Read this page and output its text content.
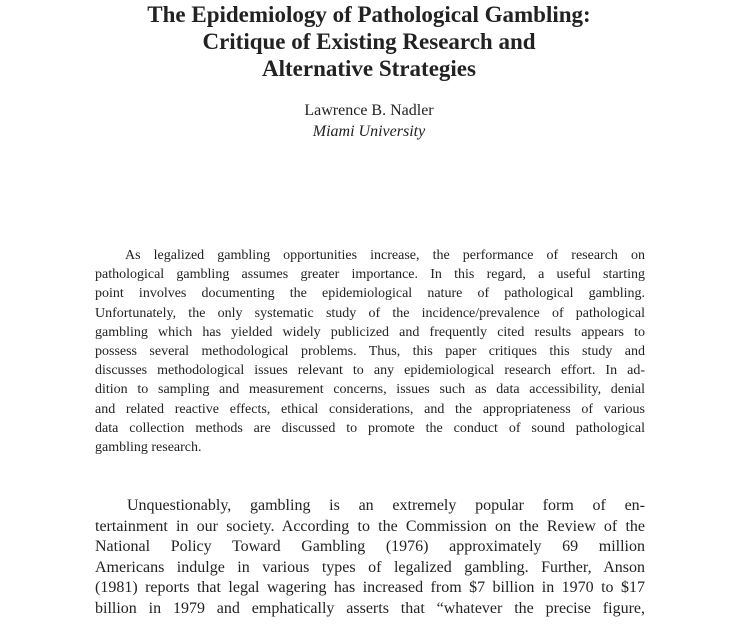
The Epidemiology of Pathological Gambling:
Critique of Existing Research and
Alternative Strategies
Lawrence B. Nadler
Miami University
As legalized gambling opportunities increase, the performance of research on
pathological gambling assumes greater importance. In this regard, a useful starting
point involves documenting the epidemiological nature of pathological gambling.
Unfortunately, the only systematic study of the incidence/prevalence of pathological
gambling which has yielded widely publicized and frequently cited results appears to
possess several methodological problems. Thus, this paper critiques this study and
discusses methodological issues relevant to any epidemiological research effort. In ad-
dition to sampling and measurement concerns, issues such as data accessibility, denial
and related reactive effects, ethical considerations, and the appropriateness of various
data collection methods are discussed to promote the conduct of sound pathological
gambling research.
Unquestionably, gambling is an extremely popular form of en-
tertainment in our society. According to the Commission on the Review of the
National Policy Toward Gambling (1976) approximately 69 million
Americans indulge in various types of legalized gambling. Further, Anson
(1981) reports that legal wagering has increased from $7 billion in 1970 to $17
billion in 1979 and emphatically asserts that “whatever the precise figure,
